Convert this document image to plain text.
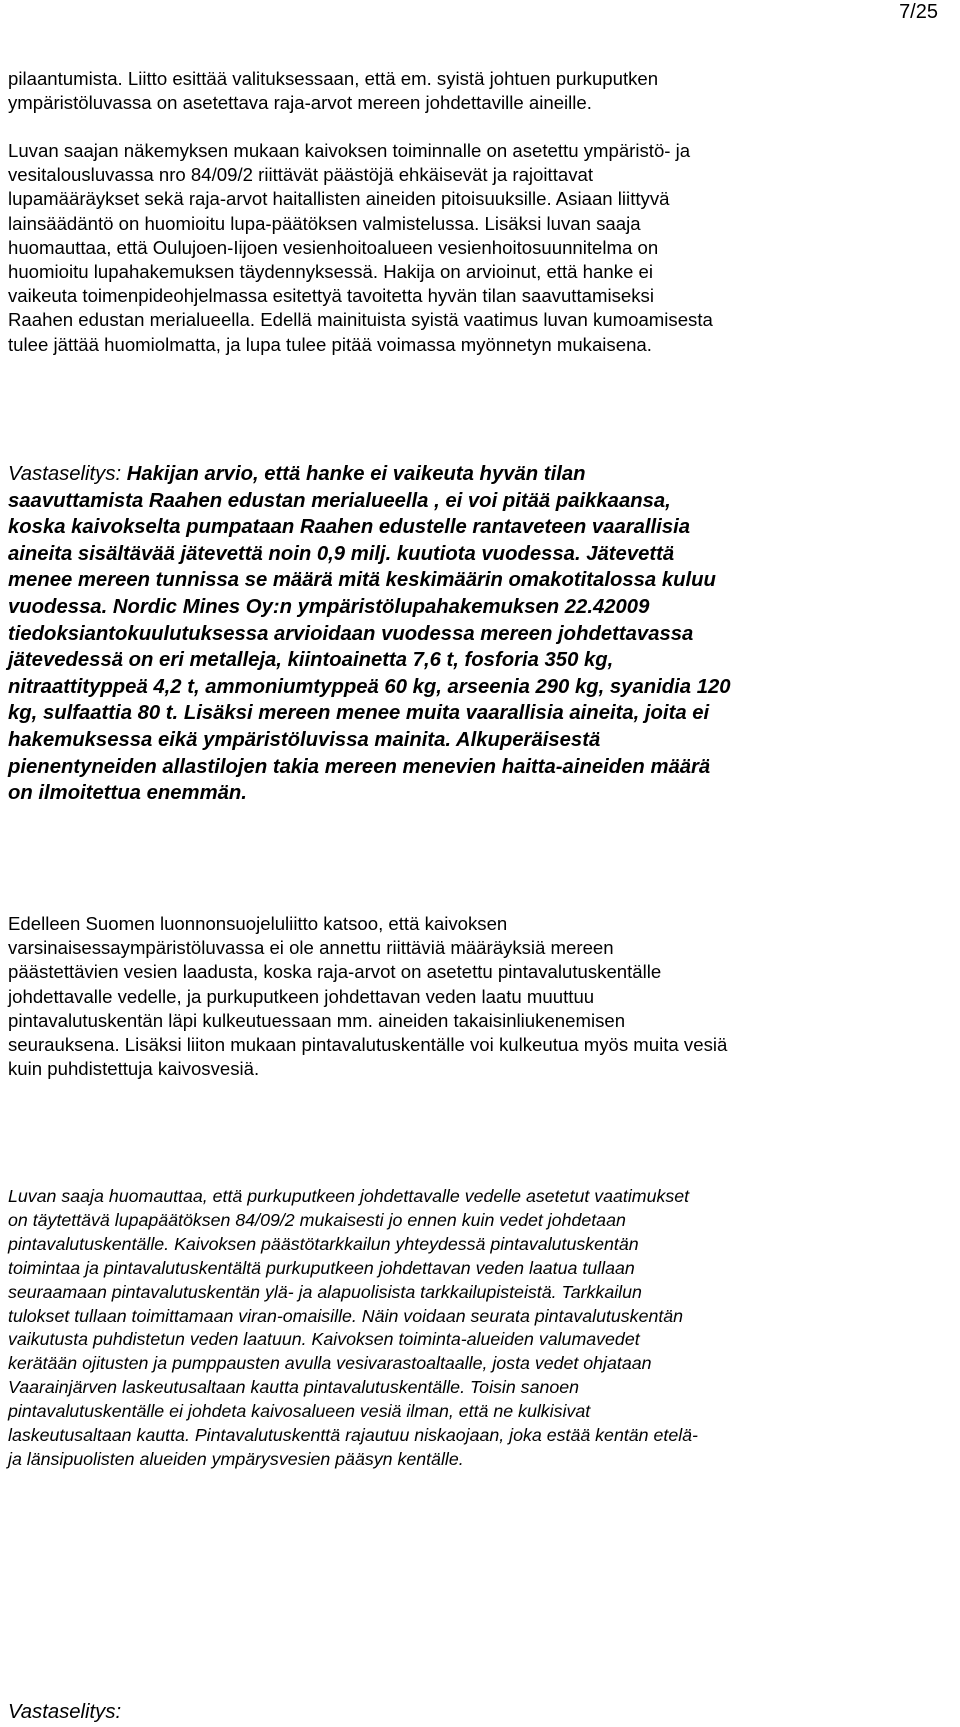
7/25
pilaantumista. Liitto esittää valituksessaan, että em. syistä johtuen purkuputken
ympäristöluvassa on asetettava raja-arvot mereen johdettaville aineille.
Luvan saajan näkemyksen mukaan kaivoksen toiminnalle on asetettu ympäristö- ja
vesitalousluvassa nro 84/09/2 riittävät päästöjä ehkäisevät ja rajoittavat
lupamääräykset sekä raja-arvot haitallisten aineiden pitoisuuksille. Asiaan liittyvä
lainsäädäntö on huomioitu lupa-päätöksen valmistelussa. Lisäksi luvan saaja
huomauttaa, että Oulujoen-Iijoen vesienhoitoalueen vesienhoitosuunnitelma on
huomioitu lupahakemuksen täydennyksessä. Hakija on arvioinut, että hanke ei
vaikeuta toimenpideohjelmassa esitettyä tavoitetta hyvän tilan saavuttamiseksi
Raahen edustan merialueella. Edellä mainituista syistä vaatimus luvan kumoamisesta
tulee jättää huomiolmatta, ja lupa tulee pitää voimassa myönnetyn mukaisena.
Vastaselitys: Hakijan arvio, että hanke ei vaikeuta hyvän tilan
saavuttamista Raahen edustan merialueella , ei voi pitää paikkaansa,
koska kaivokselta pumpataan Raahen edustelle rantaveteen vaarallisia
aineita sisältävää jätevettä noin 0,9 milj. kuutiota vuodessa. Jätevettä
menee mereen tunnissa se määrä mitä keskimäärin omakotitalossa kuluu
vuodessa. Nordic Mines Oy:n ympäristölupahakemuksen 22.42009
tiedoksiantokuulutuksessa arvioidaan vuodessa mereen johdettavassa
jätevedessä on eri metalleja, kiintoainetta 7,6 t, fosforia 350 kg,
nitraattityppeä 4,2 t, ammoniumtyppeä 60 kg, arseenia 290 kg, syanidia 120
kg, sulfaattia 80 t. Lisäksi mereen menee muita vaarallisia aineita, joita ei
hakemuksessa eikä ympäristöluvissa mainita. Alkuperäisestä
pienentyneiden allastilojen takia mereen menevien haitta-aineiden määrä
on ilmoitettua enemmän.
Edelleen Suomen luonnonsuojeluliitto katsoo, että kaivoksen
varsinaisessaympäristöluvassa ei ole annettu riittäviä määräyksiä mereen
päästettävien vesien laadusta, koska raja-arvot on asetettu pintavalutuskentälle
johdettavalle vedelle, ja purkuputkeen johdettavan veden laatu muuttuu
pintavalutuskentän läpi kulkeutuessaan mm. aineiden takaisinliukenemisen
seurauksena. Lisäksi liiton mukaan pintavalutuskentälle voi kulkeutua myös muita vesiä
kuin puhdistettuja kaivosvesiä.
Luvan saaja huomauttaa, että purkuputkeen johdettavalle vedelle asetetut vaatimukset
on täytettävä lupapäätöksen 84/09/2 mukaisesti jo ennen kuin vedet johdetaan
pintavalutuskentälle. Kaivoksen päästötarkkailun yhteydessä pintavalutuskentän
toimintaa ja pintavalutuskentältä purkuputkeen johdettavan veden laatua tullaan
seuraamaan pintavalutuskentän ylä- ja alapuolisista tarkkailupisteistä. Tarkkailun
tulokset tullaan toimittamaan viran-omaisille. Näin voidaan seurata pintavalutuskentän
vaikutusta puhdistetun veden laatuun. Kaivoksen toiminta-alueiden valumavedet
kerätään ojitusten ja pumppausten avulla vesivarastoaltaalle, josta vedet ohjataan
Vaarainjärven laskeutusaltaan kautta pintavalutuskentälle. Toisin sanoen
pintavalutuskentälle ei johdeta kaivosalueen vesiä ilman, että ne kulkisivat
laskeutusaltaan kautta. Pintavalutuskenttä rajautuu niskaojaan, joka estää kentän etelä-
ja länsipuolisten alueiden ympärysvesien pääsyn kentälle.
Vastaselitys:
